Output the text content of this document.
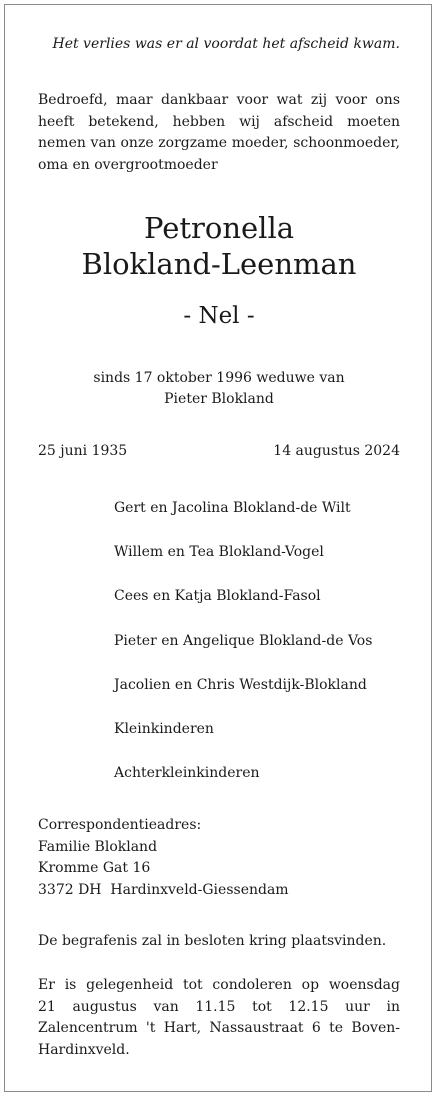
Het verlies was er al voordat het afscheid kwam.

Bedroefd, maar dankbaar voor wat zij voor ons
heeft betekend, hebben wij afscheid moeten
nemen van onze zorgzame moeder, schoonmoeder,
oma en overgrootmoeder
Petronella
Blokland-Leenman
- Nel -
sinds 17 oktober 1996 weduwe van
Pieter Blokland
25 juni 1935	14 augustus 2024
Gert en Jacolina Blokland-de Wilt
Willem en Tea Blokland-Vogel
Cees en Katja Blokland-Fasol
Pieter en Angelique Blokland-de Vos
Jacolien en Chris Westdijk-Blokland
Kleinkinderen
Achterkleinkinderen
Correspondentieadres:
Familie Blokland
Kromme Gat 16
3372 DH  Hardinxveld-Giessendam
De begrafenis zal in besloten kring plaatsvinden.
Er is gelegenheid tot condoleren op woensdag
21 augustus van 11.15 tot 12.15 uur in
Zalencentrum 't Hart, Nassaustraat 6 te Boven-
Hardinxveld.
